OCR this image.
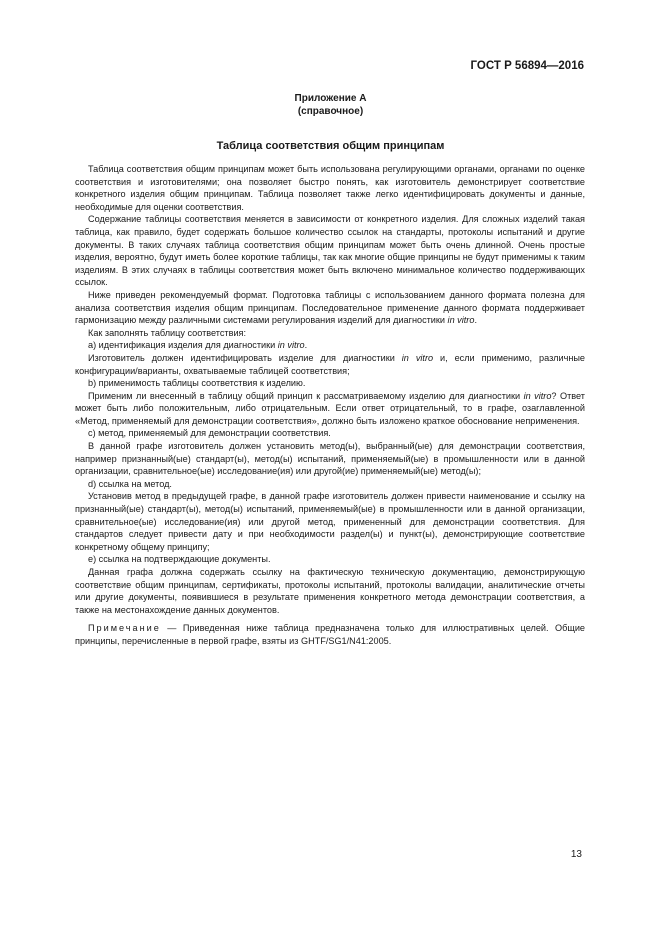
ГОСТ Р 56894—2016
Приложение А
(справочное)
Таблица соответствия общим принципам

Таблица соответствия общим принципам может быть использована регулирующими органами, органами по оценке соответствия и изготовителями; она позволяет быстро понять, как изготовитель демонстрирует соответствие конкретного изделия общим принципам. Таблица позволяет также легко идентифицировать документы и данные, необходимые для оценки соответствия.

Содержание таблицы соответствия меняется в зависимости от конкретного изделия. Для сложных изделий такая таблица, как правило, будет содержать большое количество ссылок на стандарты, протоколы испытаний и другие документы. В таких случаях таблица соответствия общим принципам может быть очень длинной. Очень простые изделия, вероятно, будут иметь более короткие таблицы, так как многие общие принципы не будут применимы к таким изделиям. В этих случаях в таблицы соответствия может быть включено минимальное количество поддерживающих ссылок.

Ниже приведен рекомендуемый формат. Подготовка таблицы с использованием данного формата полезна для анализа соответствия изделия общим принципам. Последовательное применение данного формата поддерживает гармонизацию между различными системами регулирования изделий для диагностики in vitro.

Как заполнять таблицу соответствия:

а) идентификация изделия для диагностики in vitro.

Изготовитель должен идентифицировать изделие для диагностики in vitro и, если применимо, различные конфигурации/варианты, охватываемые таблицей соответствия;

b) применимость таблицы соответствия к изделию.

Применим ли внесенный в таблицу общий принцип к рассматриваемому изделию для диагностики in vitro? Ответ может быть либо положительным, либо отрицательным. Если ответ отрицательный, то в графе, озаглавленной «Метод, применяемый для демонстрации соответствия», должно быть изложено краткое обоснование неприменения.

с) метод, применяемый для демонстрации соответствия.

В данной графе изготовитель должен установить метод(ы), выбранный(ые) для демонстрации соответствия, например признанный(ые) стандарт(ы), метод(ы) испытаний, применяемый(ые) в промышленности или в данной организации, сравнительное(ые) исследование(ия) или другой(ие) применяемый(ые) метод(ы);

d) ссылка на метод.

Установив метод в предыдущей графе, в данной графе изготовитель должен привести наименование и ссылку на признанный(ые) стандарт(ы), метод(ы) испытаний, применяемый(ые) в промышленности или в данной организации, сравнительное(ые) исследование(ия) или другой метод, примененный для демонстрации соответствия. Для стандартов следует привести дату и при необходимости раздел(ы) и пункт(ы), демонстрирующие соответствие конкретному общему принципу;

е) ссылка на подтверждающие документы.

Данная графа должна содержать ссылку на фактическую техническую документацию, демонстрирующую соответствие общим принципам, сертификаты, протоколы испытаний, протоколы валидации, аналитические отчеты или другие документы, появившиеся в результате применения конкретного метода демонстрации соответствия, а также на местонахождение данных документов.

Примечание — Приведенная ниже таблица предназначена только для иллюстративных целей. Общие принципы, перечисленные в первой графе, взяты из GHTF/SG1/N41:2005.

13
